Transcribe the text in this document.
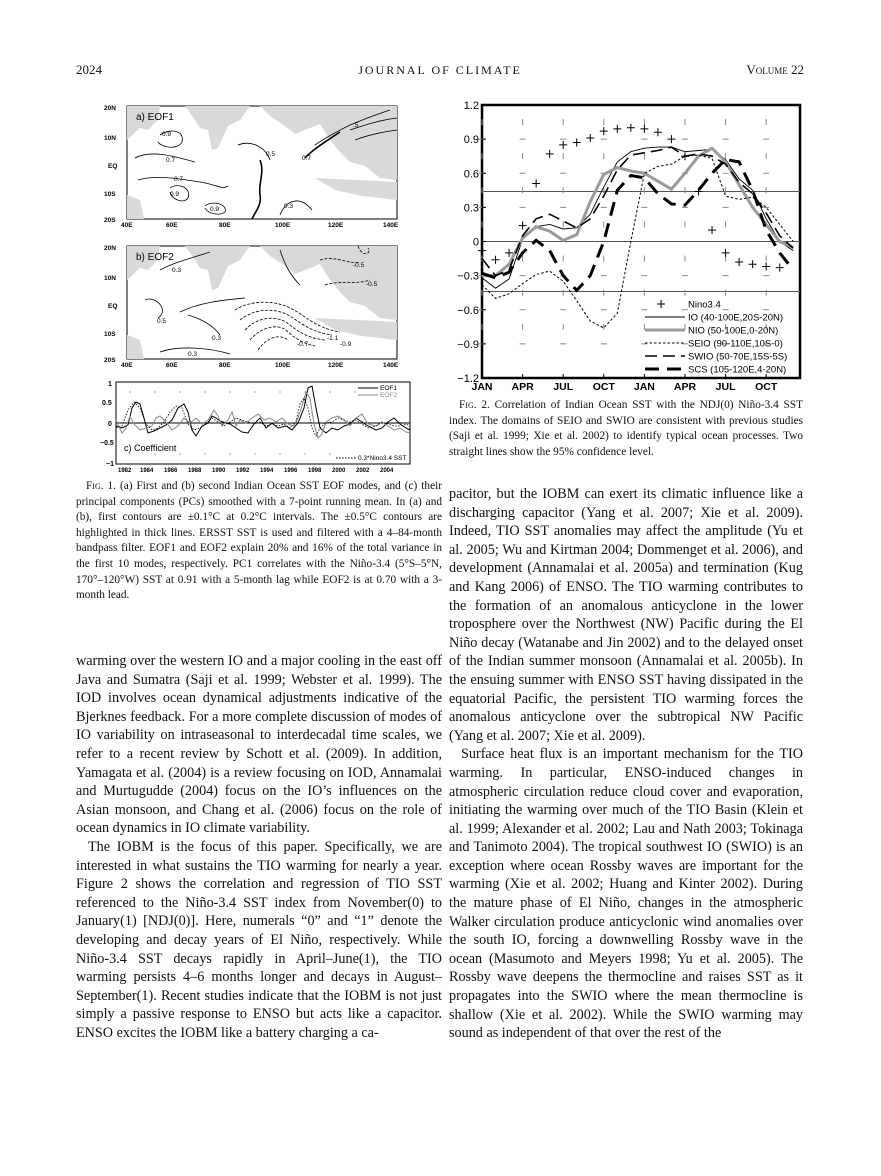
2024	JOURNAL OF CLIMATE	Volume 22
a) EOF1
20N
10N
EQ
10S
20S
40E	60E	80E	100E	120E	140E
0.9
0.7
0.7
0.9
0.9
0.5
0.7
0.3
.5
b) EOF2
20N
10N
EQ
10S
20S
40E	60E	80E	100E	120E	140E
0.3
0.5
0.3
0.3
-0.5
-0.5
-1.1
-0.7	-0.9
1
0.5
0
−0.5
−1
1982 1984 1986 1988 1990 1992 1994 1996 1998 2000 2002 2004
c) Coefficient
EOF1
EOF2
0.3*Nino3.4 SST
Fig. 1. (a) First and (b) second Indian Ocean SST EOF modes, and (c) their principal components (PCs) smoothed with a 7-point running mean. In (a) and (b), first contours are ±0.1°C at 0.2°C intervals. The ±0.5°C contours are highlighted in thick lines. ERSST SST is used and filtered with a 4–84-month bandpass filter. EOF1 and EOF2 explain 20% and 16% of the total variance in the first 10 modes, respectively. PC1 correlates with the Niño-3.4 (5°S–5°N, 170°–120°W) SST at 0.91 with a 5-month lag while EOF2 is at 0.70 with a 3-month lead.
1.2
0.9
0.6
0.3
0
−0.3
−0.6
−0.9
−1.2
JAN APR JUL OCT JAN APR JUL OCT
Nino3.4
IO (40-100E,20S-20N)
NIO (50-100E,0-20N)
SEIO (90-110E,10S-0)
SWIO (50-70E,15S-5S)
SCS (105-120E,4-20N)
Fig. 2. Correlation of Indian Ocean SST with the NDJ(0) Niño-3.4 SST index. The domains of SEIO and SWIO are consistent with previous studies (Saji et al. 1999; Xie et al. 2002) to identify typical ocean processes. Two straight lines show the 95% confidence level.

warming over the western IO and a major cooling in the east off Java and Sumatra (Saji et al. 1999; Webster et al. 1999). The IOD involves ocean dynamical adjustments indicative of the Bjerknes feedback. For a more complete discussion of modes of IO variability on intraseasonal to interdecadal time scales, we refer to a recent review by Schott et al. (2009). In addition, Yamagata et al. (2004) is a review focusing on IOD, Annamalai and Murtugudde (2004) focus on the IO’s influences on the Asian monsoon, and Chang et al. (2006) focus on the role of ocean dynamics in IO climate variability.

The IOBM is the focus of this paper. Specifically, we are interested in what sustains the TIO warming for nearly a year. Figure 2 shows the correlation and regression of TIO SST referenced to the Niño-3.4 SST index from November(0) to January(1) [NDJ(0)]. Here, numerals “0” and “1” denote the developing and decay years of El Niño, respectively. While Niño-3.4 SST decays rapidly in April–June(1), the TIO warming persists 4–6 months longer and decays in August–September(1). Recent studies indicate that the IOBM is not just simply a passive response to ENSO but acts like a capacitor. ENSO excites the IOBM like a battery charging a ca-

pacitor, but the IOBM can exert its climatic influence like a discharging capacitor (Yang et al. 2007; Xie et al. 2009). Indeed, TIO SST anomalies may affect the amplitude (Yu et al. 2005; Wu and Kirtman 2004; Dommenget et al. 2006), and development (Annamalai et al. 2005a) and termination (Kug and Kang 2006) of ENSO. The TIO warming contributes to the formation of an anomalous anticyclone in the lower troposphere over the Northwest (NW) Pacific during the El Niño decay (Watanabe and Jin 2002) and to the delayed onset of the Indian summer monsoon (Annamalai et al. 2005b). In the ensuing summer with ENSO SST having dissipated in the equatorial Pacific, the persistent TIO warming forces the anomalous anticyclone over the subtropical NW Pacific (Yang et al. 2007; Xie et al. 2009).

Surface heat flux is an important mechanism for the TIO warming. In particular, ENSO-induced changes in atmospheric circulation reduce cloud cover and evaporation, initiating the warming over much of the TIO Basin (Klein et al. 1999; Alexander et al. 2002; Lau and Nath 2003; Tokinaga and Tanimoto 2004). The tropical southwest IO (SWIO) is an exception where ocean Rossby waves are important for the warming (Xie et al. 2002; Huang and Kinter 2002). During the mature phase of El Niño, changes in the atmospheric Walker circulation produce anticyclonic wind anomalies over the south IO, forcing a downwelling Rossby wave in the ocean (Masumoto and Meyers 1998; Yu et al. 2005). The Rossby wave deepens the thermocline and raises SST as it propagates into the SWIO where the mean thermocline is shallow (Xie et al. 2002). While the SWIO warming may sound as independent of that over the rest of the
